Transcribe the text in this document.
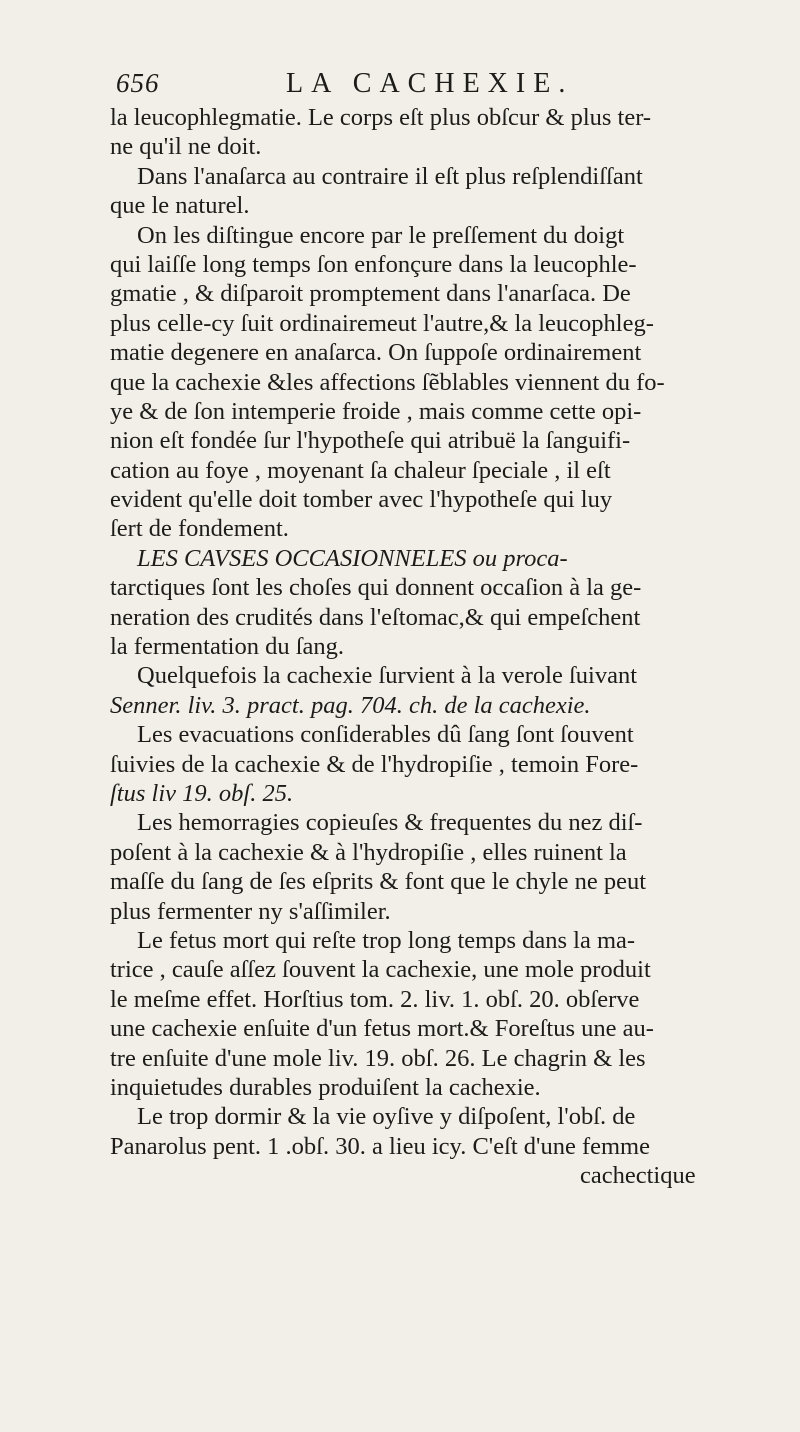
656	LA CACHEXIE.
la leucophlegmatie. Le corps eſt plus obſcur & plus ter-
ne qu'il ne doit.
Dans l'anaſarca au contraire il eſt plus reſplendiſſant
que le naturel.
On les diſtingue encore par le preſſement du doigt
qui laiſſe long temps ſon enfonçure dans la leucophle-
gmatie , & diſparoit promptement dans l'anarſaca. De
plus celle-cy ſuit ordinairemeut l'autre,& la leucophleg-
matie degenere en anaſarca. On ſuppoſe ordinairement
que la cachexie &les affections ſẽblables viennent du fo-
ye & de ſon intemperie froide , mais comme cette opi-
nion eſt fondée ſur l'hypotheſe qui atribuë la ſanguifi-
cation au foye , moyenant ſa chaleur ſpeciale , il eſt
evident qu'elle doit tomber avec l'hypotheſe qui luy
ſert de fondement.
LES CAVSES OCCASIONNELES ou proca-
tarctiques ſont les choſes qui donnent occaſion à la ge-
neration des crudités dans l'eſtomac,& qui empeſchent
la fermentation du ſang.
Quelquefois la cachexie ſurvient à la verole ſuivant
Senner. liv. 3. pract. pag. 704. ch. de la cachexie.
Les evacuations conſiderables dû ſang ſont ſouvent
ſuivies de la cachexie & de l'hydropiſie , temoin Fore-
ſtus liv 19. obſ. 25.
Les hemorragies copieuſes & frequentes du nez diſ-
poſent à la cachexie & à l'hydropiſie , elles ruinent la
maſſe du ſang de ſes eſprits & font que le chyle ne peut
plus fermenter ny s'aſſimiler.
Le fetus mort qui reſte trop long temps dans la ma-
trice , cauſe aſſez ſouvent la cachexie, une mole produit
le meſme effet. Horſtius tom. 2. liv. 1. obſ. 20. obſerve
une cachexie enſuite d'un fetus mort.& Foreſtus une au-
tre enſuite d'une mole liv. 19. obſ. 26. Le chagrin & les
inquietudes durables produiſent la cachexie.
Le trop dormir & la vie oyſive y diſpoſent, l'obſ. de
Panarolus pent. 1 .obſ. 30. a lieu icy. C'eſt d'une femme
cachectique
